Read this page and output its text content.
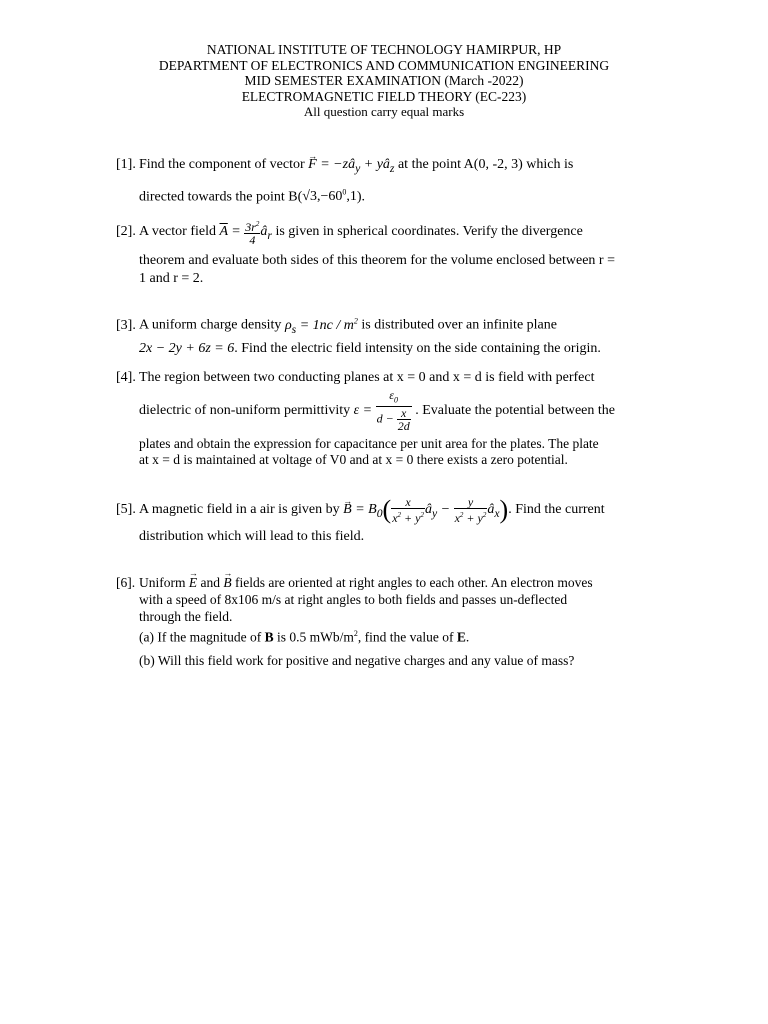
NATIONAL INSTITUTE OF TECHNOLOGY HAMIRPUR, HP
DEPARTMENT OF ELECTRONICS AND COMMUNICATION ENGINEERING
MID SEMESTER EXAMINATION (March -2022)
ELECTROMAGNETIC FIELD THEORY (EC-223)
All question carry equal marks
[1]. Find the component of vector → $F = -zâ_y$ + $yâ_z$ at the point A(0, -2, 3) which is
directed towards the point $B(√3,-60^0,1)$.
[2]. A vector field $\overline{A} = \frac{3r^2}{4}$ $â_r$ is given in spherical coordinates. Verify the divergence
theorem and evaluate both sides of this theorem for the volume enclosed between r =
1 and r = 2.
[3]. A uniform charge density $\rho_s = 1nc / m^2$ is distributed over an infinite plane
2x − 2y + 6z = 6. Find the electric field intensity on the side containing the origin.
[4]. The region between two conducting planes at x = 0 and x = d is field with perfect
dielectric of non-uniform permittivity $\varepsilon = \frac{\varepsilon_0}{d - \frac{x}{2d}}$ . Evaluate the potential between the
plates and obtain the expression for capacitance per unit area for the plates. The plate
at x = d is maintained at voltage of V0 and at x = 0 there exists a zero potential.
[5]. A magnetic field in a air is given by → $B = B_0( \frac{x}{x^2 + y^2}$ $â_y - \frac{y}{x^2 + y^2}$ $â_x$). Find the current
distribution which will lead to this field.
[6]. Uniform → E and → B fields are oriented at right angles to each other. An electron moves
with a speed of 8x106 m/s at right angles to both fields and passes un-deflected
through the field.
(a) If the magnitude of B is 0.5 mWb/$m^2$, find the value of E.
(b) Will this field work for positive and negative charges and any value of mass?
